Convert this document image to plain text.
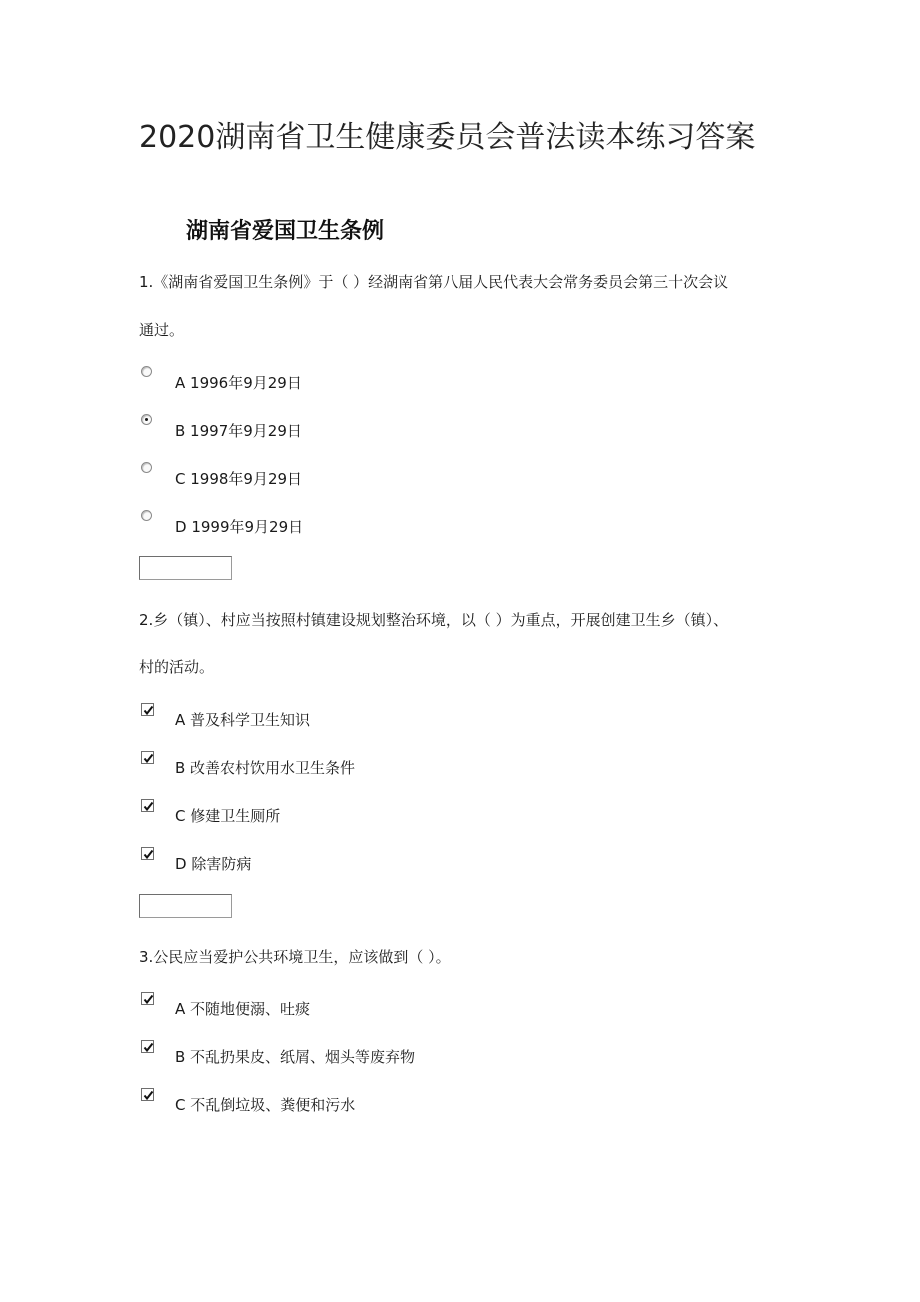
2020湖南省卫生健康委员会普法读本练习答案
湖南省爱国卫生条例
1.《湖南省爱国卫生条例》于（ ）经湖南省第八届人民代表大会常务委员会第三十次会议
通过。
A 1996年9月29日
B 1997年9月29日
C 1998年9月29日
D 1999年9月29日
2.乡（镇）、村应当按照村镇建设规划整治环境，以（ ）为重点，开展创建卫生乡（镇）、
村的活动。
A 普及科学卫生知识
B 改善农村饮用水卫生条件
C 修建卫生厕所
D 除害防病
3.公民应当爱护公共环境卫生，应该做到（ ）。
A 不随地便溺、吐痰
B 不乱扔果皮、纸屑、烟头等废弃物
C 不乱倒垃圾、粪便和污水
